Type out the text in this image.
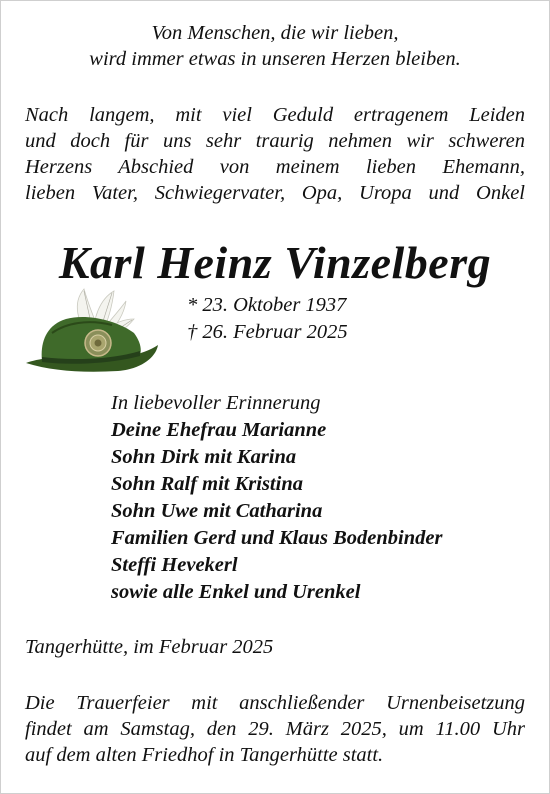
Von Menschen, die wir lieben,
wird immer etwas in unseren Herzen bleiben.
Nach langem, mit viel Geduld ertragenem Leiden
und doch für uns sehr traurig nehmen wir schweren
Herzens Abschied von meinem lieben Ehemann,
lieben Vater, Schwiegervater, Opa, Uropa und Onkel
Karl Heinz Vinzelberg
* 23. Oktober 1937
† 26. Februar 2025
In liebevoller Erinnerung
Deine Ehefrau Marianne
Sohn Dirk mit Karina
Sohn Ralf mit Kristina
Sohn Uwe mit Catharina
Familien Gerd und Klaus Bodenbinder
Steffi Hevekerl
sowie alle Enkel und Urenkel
Tangerhütte, im Februar 2025
Die Trauerfeier mit anschließender Urnenbeisetzung
findet am Samstag, den 29. März 2025, um 11.00 Uhr
auf dem alten Friedhof in Tangerhütte statt.
